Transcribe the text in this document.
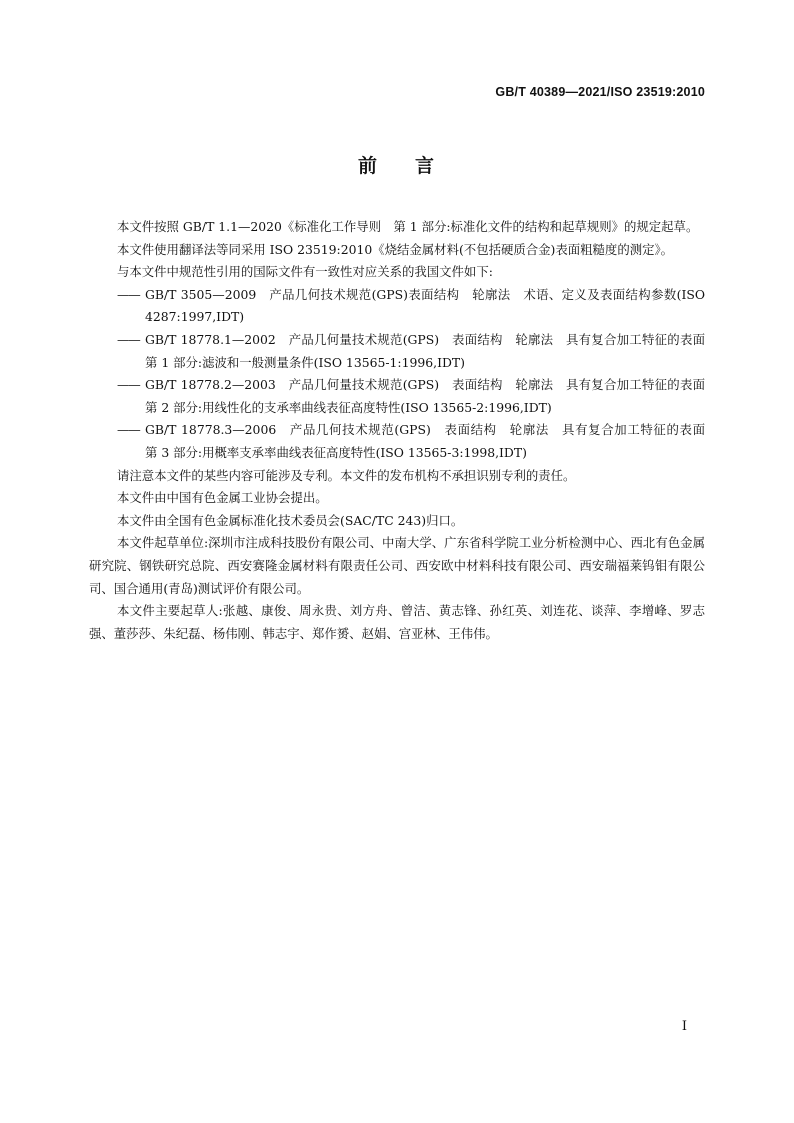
GB/T 40389—2021/ISO 23519:2010
前言

本文件按照 GB/T 1.1—2020《标准化工作导则　第 1 部分:标准化文件的结构和起草规则》的规定起草。

本文件使用翻译法等同采用 ISO 23519:2010《烧结金属材料(不包括硬质合金)表面粗糙度的测定》。

与本文件中规范性引用的国际文件有一致性对应关系的我国文件如下:

—— GB/T 3505—2009　产品几何技术规范(GPS)表面结构　轮廓法　术语、定义及表面结构参数(ISO 4287:1997,IDT)

—— GB/T 18778.1—2002　产品几何量技术规范(GPS)　表面结构　轮廓法　具有复合加工特征的表面　第 1 部分:滤波和一般测量条件(ISO 13565-1:1996,IDT)

—— GB/T 18778.2—2003　产品几何量技术规范(GPS)　表面结构　轮廓法　具有复合加工特征的表面　第 2 部分:用线性化的支承率曲线表征高度特性(ISO 13565-2:1996,IDT)

—— GB/T 18778.3—2006　产品几何技术规范(GPS)　表面结构　轮廓法　具有复合加工特征的表面　第 3 部分:用概率支承率曲线表征高度特性(ISO 13565-3:1998,IDT)

请注意本文件的某些内容可能涉及专利。本文件的发布机构不承担识别专利的责任。

本文件由中国有色金属工业协会提出。

本文件由全国有色金属标准化技术委员会(SAC/TC 243)归口。

本文件起草单位:深圳市注成科技股份有限公司、中南大学、广东省科学院工业分析检测中心、西北有色金属研究院、钢铁研究总院、西安赛隆金属材料有限责任公司、西安欧中材料科技有限公司、西安瑞福莱钨钼有限公司、国合通用(青岛)测试评价有限公司。

本文件主要起草人:张越、康俊、周永贵、刘方舟、曾洁、黄志锋、孙红英、刘连花、谈萍、李增峰、罗志强、董莎莎、朱纪磊、杨伟刚、韩志宇、郑作赟、赵娟、宫亚林、王伟伟。

I
